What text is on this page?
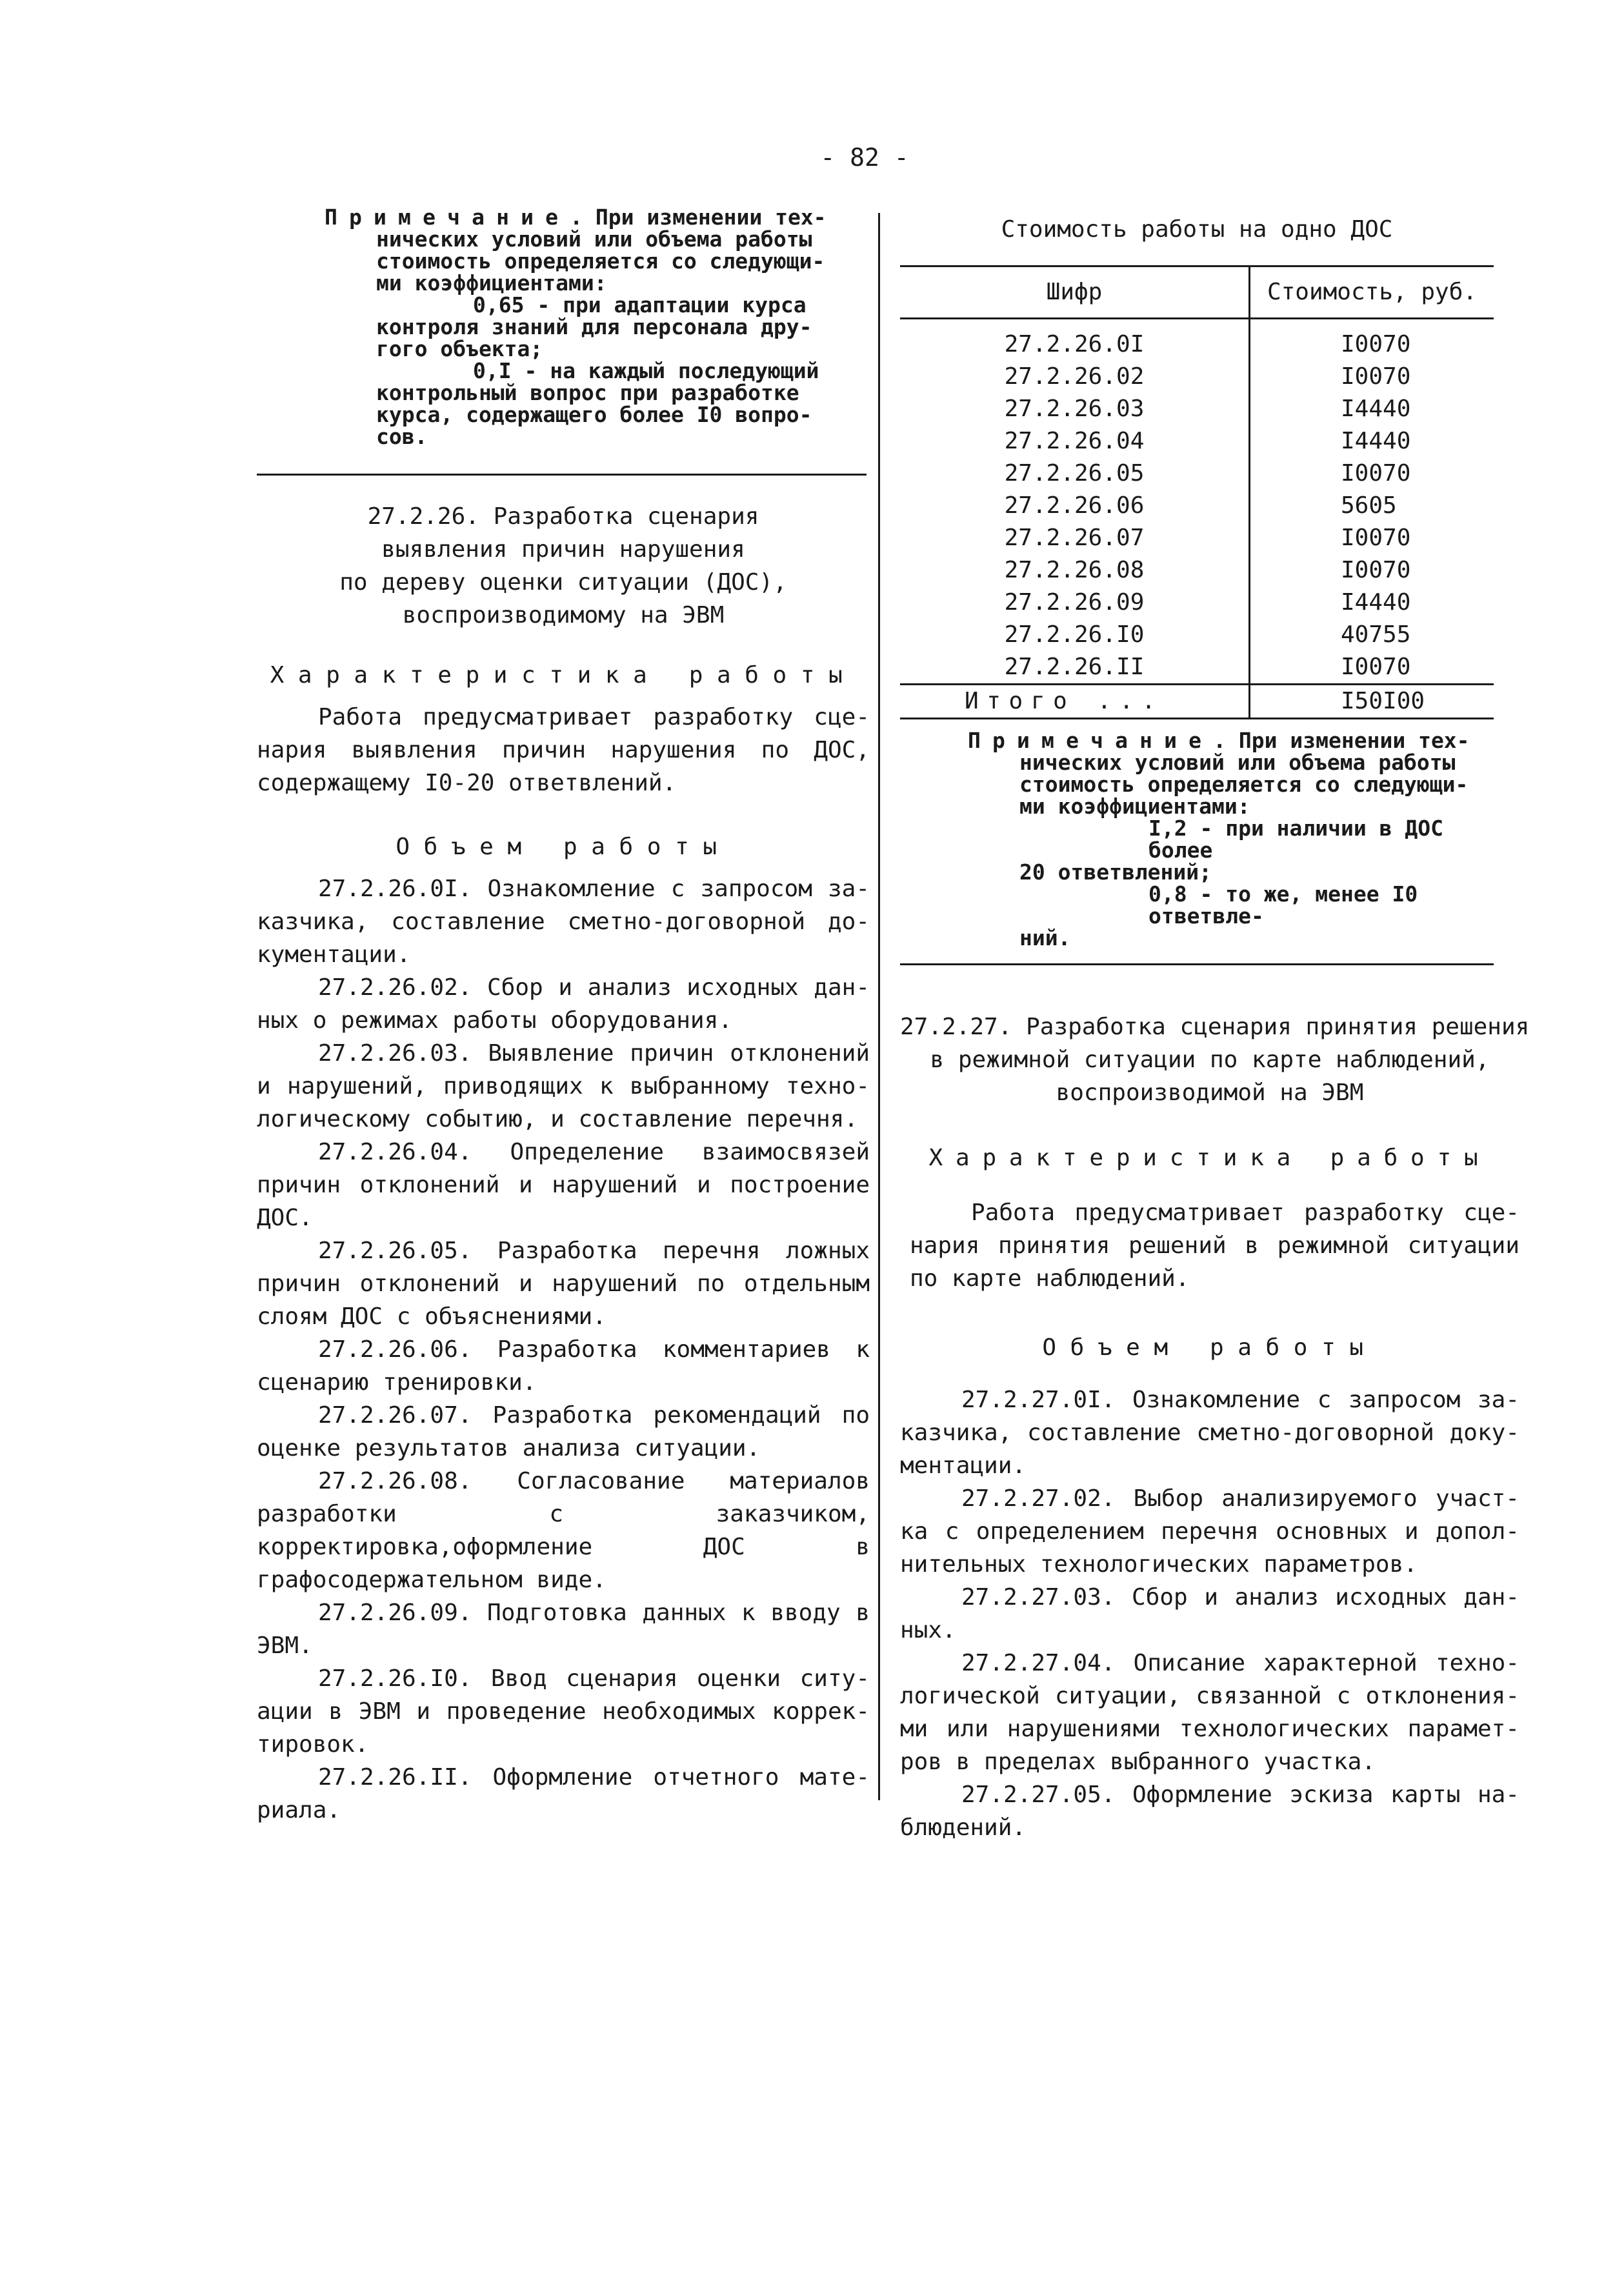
- 82 -
Примечание. При изменении тех-
нических условий или объема работы
стоимость определяется со следующи-
ми коэффициентами:
0,65 - при адаптации курса
контроля знаний для персонала дру-
гого объекта;
0,I - на каждый последующий
контрольный вопрос при разработке
курса, содержащего более I0 вопро-
сов.

27.2.26. Разработка сценария

выявления причин нарушения

по дереву оценки ситуации (ДОС),

воспроизводимому на ЭВМ

Характеристика работы

Работа предусматривает разработку сценария выявления причин нарушения по ДОС, содержащему I0-20 ответвлений.

Объем работы

27.2.26.0I. Ознакомление с запросом заказчика, составление сметно-договорной документации.

27.2.26.02. Сбор и анализ исходных данных о режимах работы оборудования.

27.2.26.03. Выявление причин отклонений и нарушений, приводящих к выбранному технологическому событию, и составление перечня.

27.2.26.04. Определение взаимосвязей причин отклонений и нарушений и построение ДОС.

27.2.26.05. Разработка перечня ложных причин отклонений и нарушений по отдельным слоям ДОС с объяснениями.

27.2.26.06. Разработка комментариев к сценарию тренировки.

27.2.26.07. Разработка рекомендаций по оценке результатов анализа ситуации.

27.2.26.08. Согласование материалов разработки с заказчиком, корректировка,оформление ДОС в графосодержательном виде.

27.2.26.09. Подготовка данных к вводу в ЭВМ.

27.2.26.I0. Ввод сценария оценки ситуации в ЭВМ и проведение необходимых корректировок.

27.2.26.II. Оформление отчетного материала.

Стоимость работы на одно ДОС

Шифр	Стоимость, руб.
27.2.26.0I	I0070
27.2.26.02	I0070
27.2.26.03	I4440
27.2.26.04	I4440
27.2.26.05	I0070
27.2.26.06	5605
27.2.26.07	I0070
27.2.26.08	I0070
27.2.26.09	I4440
27.2.26.I0	40755
27.2.26.II	I0070
Итого ...	I50I00
Примечание. При изменении тех-
нических условий или объема работы
стоимость определяется со следующи-
ми коэффициентами:
I,2 - при наличии в ДОС более
20 ответвлений;
0,8 - то же, менее I0 ответвле-
ний.

27.2.27. Разработка сценария принятия решения

в режимной ситуации по карте наблюдений,

воспроизводимой на ЭВМ

Характеристика работы

Работа предусматривает разработку сценария принятия решений в режимной ситуации по карте наблюдений.

Объем работы

27.2.27.0I. Ознакомление с запросом заказчика, составление сметно-договорной документации.

27.2.27.02. Выбор анализируемого участка с определением перечня основных и дополнительных технологических параметров.

27.2.27.03. Сбор и анализ исходных данных.

27.2.27.04. Описание характерной технологической ситуации, связанной с отклонениями или нарушениями технологических параметров в пределах выбранного участка.

27.2.27.05. Оформление эскиза карты наблюдений.
